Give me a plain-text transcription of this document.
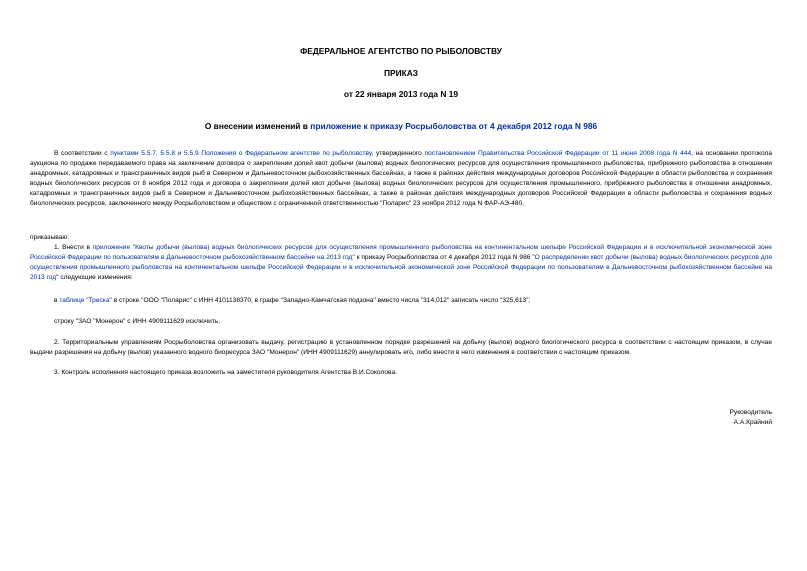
ФЕДЕРАЛЬНОЕ АГЕНТСТВО ПО РЫБОЛОВСТВУ
ПРИКАЗ
от 22 января 2013 года N 19
О внесении изменений в приложение к приказу Росрыболовства от 4 декабря 2012 года N 986
В соответствии с пунктами 5.5.7, 5.5.8 и 5.5.9 Положения о Федеральном агентстве по рыболовству, утвержденного постановлением Правительства Российской Федерации от 11 июня 2008 года N 444, на основании протокола аукциона по продаже передаваемого права на заключение договора о закреплении долей квот добычи (вылова) водных биологических ресурсов для осуществления промышленного рыболовства, прибрежного рыболовства в отношении анадромных, катадромных и трансграничных видов рыб в Северном и Дальневосточном рыбохозяйственных бассейнах, а также в районах действия международных договоров Российской Федерации в области рыболовства и сохранения водных биологических ресурсов от 8 ноября 2012 года и договора о закреплении долей квот добычи (вылова) водных биологических ресурсов для осуществления промышленного, прибрежного рыболовства в отношении анадромных, катадромных и трансграничных видов рыб в Северном и Дальневосточном рыбохозяйственных бассейнах, а также в районах действия международных договоров Российской Федерации в области рыболовства и сохранения водных биологических ресурсов, заключенного между Росрыболовством и обществом с ограниченной ответственностью "Поларис" 23 ноября 2012 года N ФАР-АЭ-480,
приказываю:
1. Внести в приложение "Квоты добычи (вылова) водных биологических ресурсов для осуществления промышленного рыболовства на континентальном шельфе Российской Федерации и в исключительной экономической зоне Российской Федерации по пользователям в Дальневосточном рыбохозяйственном бассейне на 2013 год" к приказу Росрыболовства от 4 декабря 2012 года N 986 "О распределении квот добычи (вылова) водных биологических ресурсов для осуществления промышленного рыболовства на континентальном шельфе Российской Федерации и в исключительной экономической зоне Российской Федерации по пользователям в Дальневосточном рыбохозяйственном бассейне на 2013 год" следующие изменения:
в таблице "Треска" в строке "ООО "Поларис" с ИНН 4101138370, в графе "Западно-Камчатская подзона" вместо числа "314,012" записать число "325,613";
строку "ЗАО "Монерон" с ИНН 4909111629 исключить.
2. Территориальным управлениям Росрыболовства организовать выдачу, регистрацию в установленном порядке разрешений на добычу (вылов) водного биологического ресурса в соответствии с настоящим приказом, в случае выдачи разрешения на добычу (вылов) указанного водного биоресурса ЗАО "Монерон" (ИНН 4909111629) аннулировать его, либо внести в него изменения в соответствии с настоящим приказом.
3. Контроль исполнения настоящего приказа возложить на заместителя руководителя Агентства В.И.Соколова.
Руководитель
А.А.Крайний
